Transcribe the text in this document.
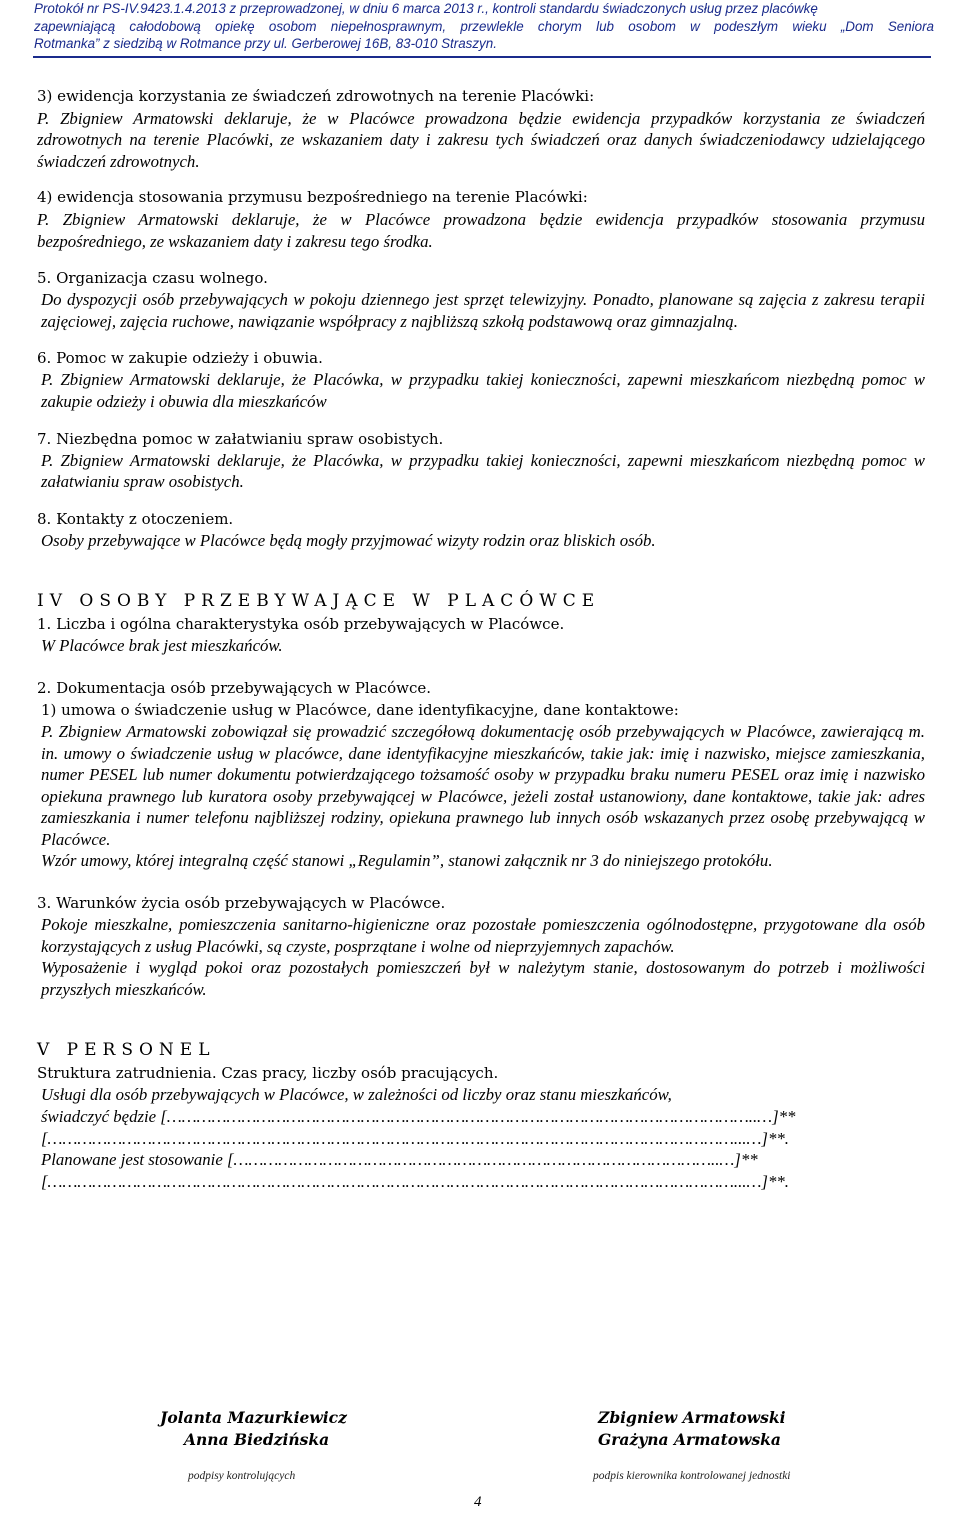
Protokół nr PS-IV.9423.1.4.2013 z przeprowadzonej, w dniu 6 marca 2013 r., kontroli standardu świadczonych usług przez placówkę
zapewniającą całodobową opiekę osobom niepełnosprawnym, przewlekle chorym lub osobom w podeszłym wieku „Dom Seniora
Rotmanka” z siedzibą w Rotmance przy ul. Gerberowej 16B, 83-010 Straszyn.

3) ewidencja korzystania ze świadczeń zdrowotnych na terenie Placówki:

P. Zbigniew Armatowski deklaruje, że w Placówce prowadzona będzie ewidencja przypadków korzystania ze świadczeń zdrowotnych na terenie Placówki, ze wskazaniem daty i zakresu tych świadczeń oraz danych świadczeniodawcy udzielającego świadczeń zdrowotnych.

4) ewidencja stosowania przymusu bezpośredniego na terenie Placówki:

P. Zbigniew Armatowski deklaruje, że w Placówce prowadzona będzie ewidencja przypadków stosowania przymusu bezpośredniego, ze wskazaniem daty i zakresu tego środka.

5. Organizacja czasu wolnego.

Do dyspozycji osób przebywających w pokoju dziennego jest sprzęt telewizyjny. Ponadto, planowane są zajęcia z zakresu terapii zajęciowej, zajęcia ruchowe, nawiązanie współpracy z najbliższą szkołą podstawową oraz gimnazjalną.

6. Pomoc w zakupie odzieży i obuwia.

P. Zbigniew Armatowski deklaruje, że Placówka, w przypadku takiej konieczności, zapewni mieszkańcom niezbędną pomoc w zakupie odzieży i obuwia dla mieszkańców

7. Niezbędna pomoc w załatwianiu spraw osobistych.

P. Zbigniew Armatowski deklaruje, że Placówka, w przypadku takiej konieczności, zapewni mieszkańcom niezbędną pomoc w załatwianiu spraw osobistych.

8. Kontakty z otoczeniem.

Osoby przebywające w Placówce będą mogły przyjmować wizyty rodzin oraz bliskich osób.

IV OSOBY PRZEBYWAJĄCE W PLACÓWCE

1. Liczba i ogólna charakterystyka osób przebywających w Placówce.

W Placówce brak jest mieszkańców.

2. Dokumentacja osób przebywających w Placówce.

1) umowa o świadczenie usług w Placówce, dane identyfikacyjne, dane kontaktowe:

P. Zbigniew Armatowski zobowiązał się prowadzić szczegółową dokumentację osób przebywających w Placówce, zawierającą m. in. umowy o świadczenie usług w placówce, dane identyfikacyjne mieszkańców, takie jak: imię i nazwisko, miejsce zamieszkania, numer PESEL lub numer dokumentu potwierdzającego tożsamość osoby w przypadku braku numeru PESEL oraz imię i nazwisko opiekuna prawnego lub kuratora osoby przebywającej w Placówce, jeżeli został ustanowiony, dane kontaktowe, takie jak: adres zamieszkania i numer telefonu najbliższej rodziny, opiekuna prawnego lub innych osób wskazanych przez osobę przebywającą w Placówce.

Wzór umowy, której integralną część stanowi „Regulamin”, stanowi załącznik nr 3 do niniejszego protokółu.

3. Warunków życia osób przebywających w Placówce.

Pokoje mieszkalne, pomieszczenia sanitarno-higieniczne oraz pozostałe pomieszczenia ogólnodostępne, przygotowane dla osób korzystających z usług Placówki, są czyste, posprzątane i wolne od nieprzyjemnych zapachów.

Wyposażenie i wygląd pokoi oraz pozostałych pomieszczeń był w należytym stanie, dostosowanym do potrzeb i możliwości przyszłych mieszkańców.

V PERSONEL

Struktura zatrudnienia. Czas pracy, liczby osób pracujących.

Usługi dla osób przebywających w Placówce, w zależności od liczby oraz stanu mieszkańców,

świadczyć będzie [………………………………………………………………………………………………………..…]**

[…………………………………………………………………………………………………………………………...…]**.

Planowane jest stosowanie [……………………………………………………………………………………..…]**

[…………………………………………………………………………………………………………………………...…]**.

Jolanta Mazurkiewicz
Anna Biedzińska
podpisy kontrolujących
Zbigniew Armatowski
Grażyna Armatowska
podpis kierownika kontrolowanej jednostki
4
